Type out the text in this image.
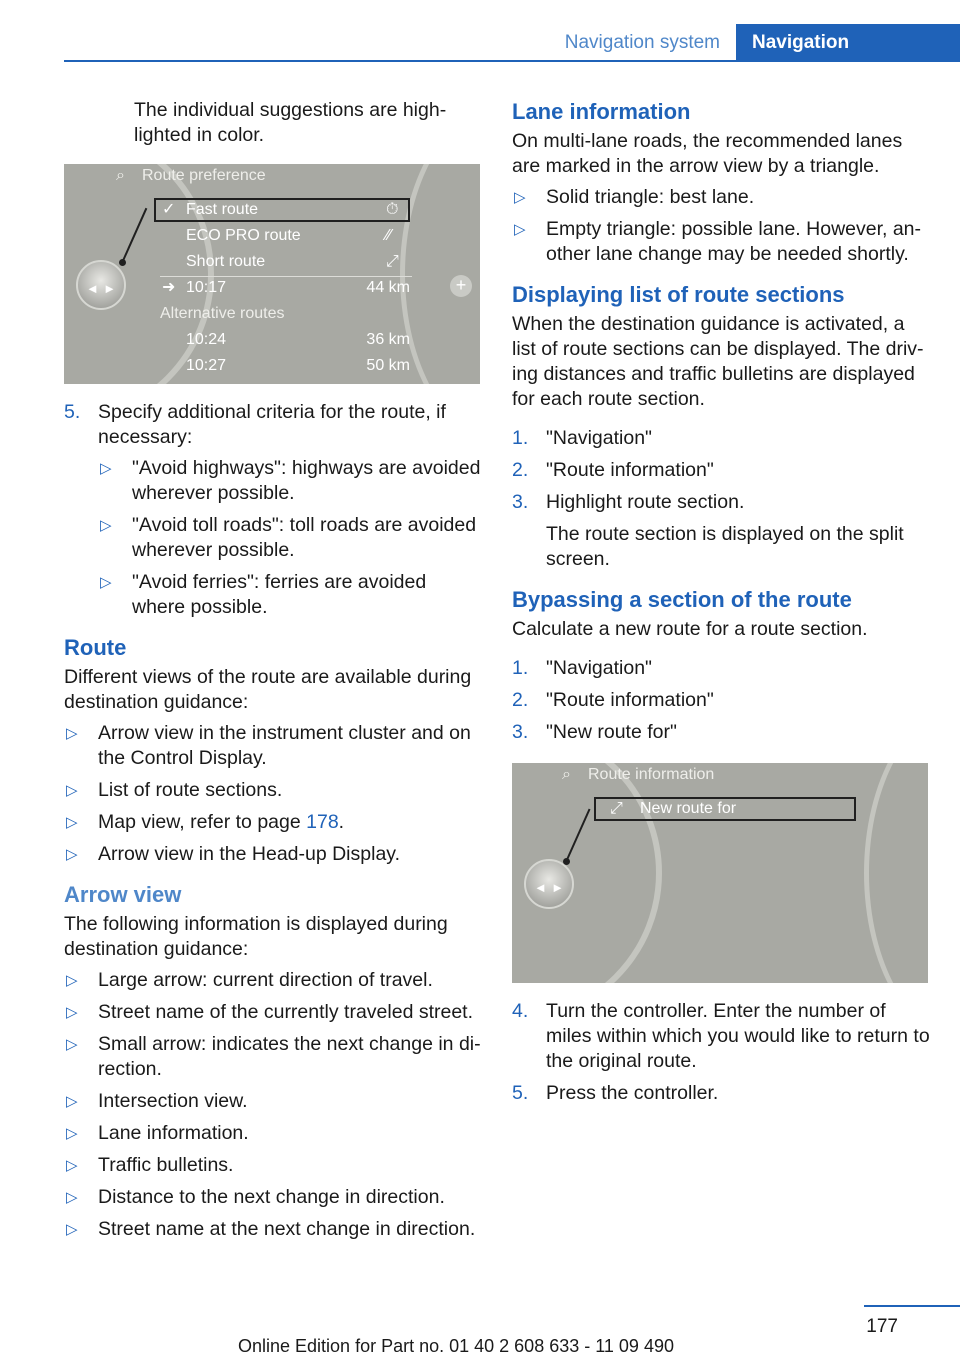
Navigation system	Navigation

The individual suggestions are high-lighted in color.

◄ ►	+
⌕ Route preference
✓ Fast route	⏱
ECO PRO route	∕∕
Short route	⤢
➜ 10:17	44 km
Alternative routes
10:24	36 km
10:27	50 km
5. Specify additional criteria for the route, if necessary:
▷ "Avoid highways": highways are avoided wherever possible.
▷ "Avoid toll roads": toll roads are avoided wherever possible.
▷ "Avoid ferries": ferries are avoided where possible.
Route

Different views of the route are available during destination guidance:

▷ Arrow view in the instrument cluster and on the Control Display.
▷ List of route sections.
▷ Map view, refer to page 178.
▷ Arrow view in the Head-up Display.
Arrow view

The following information is displayed during destination guidance:

▷ Large arrow: current direction of travel.
▷ Street name of the currently traveled street.
▷ Small arrow: indicates the next change in di-rection.
▷ Intersection view.
▷ Lane information.
▷ Traffic bulletins.
▷ Distance to the next change in direction.
▷ Street name at the next change in direction.
Lane information

On multi-lane roads, the recommended lanes are marked in the arrow view by a triangle.

▷ Solid triangle: best lane.
▷ Empty triangle: possible lane. However, an-other lane change may be needed shortly.
Displaying list of route sections

When the destination guidance is activated, a list of route sections can be displayed. The driv-ing distances and traffic bulletins are displayed for each route section.

1. "Navigation"
2. "Route information"
3. Highlight route section.

The route section is displayed on the split screen.

Bypassing a section of the route

Calculate a new route for a route section.

1. "Navigation"
2. "Route information"
3. "New route for"
◄ ►
⌕ Route information
⤢ New route for
4. Turn the controller. Enter the number of miles within which you would like to return to the original route.
5. Press the controller.
177
Online Edition for Part no. 01 40 2 608 633 - 11 09 490
